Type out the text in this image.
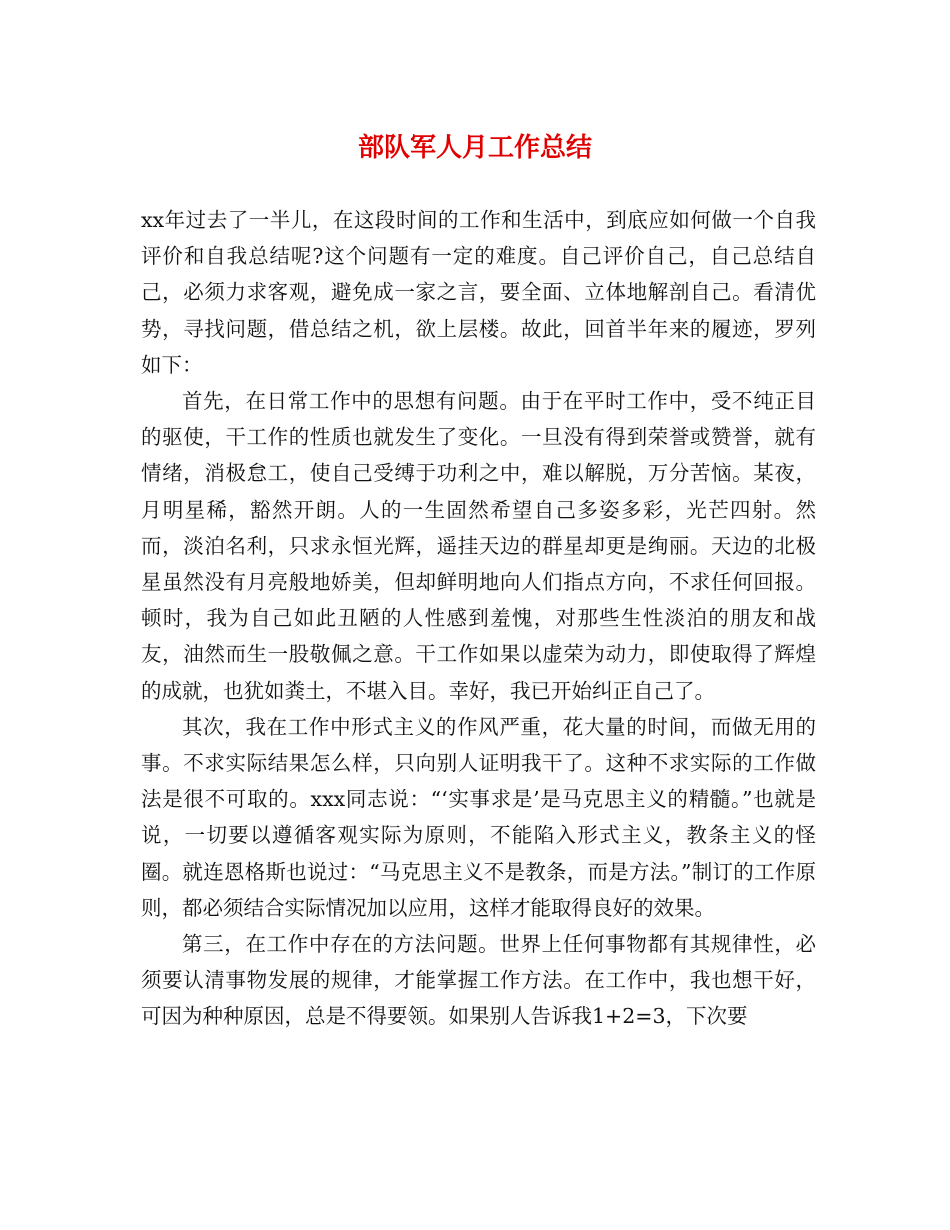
部队军人月工作总结

xx年过去了一半儿，在这段时间的工作和生活中，到底应如何做一个自我评价和自我总结呢?这个问题有一定的难度。自己评价自己，自己总结自己，必须力求客观，避免成一家之言，要全面、立体地解剖自己。看清优势，寻找问题，借总结之机，欲上层楼。故此，回首半年来的履迹，罗列如下：

首先，在日常工作中的思想有问题。由于在平时工作中，受不纯正目的驱使，干工作的性质也就发生了变化。一旦没有得到荣誉或赞誉，就有情绪，消极怠工，使自己受缚于功利之中，难以解脱，万分苦恼。某夜，月明星稀，豁然开朗。人的一生固然希望自己多姿多彩，光芒四射。然而，淡泊名利，只求永恒光辉，遥挂天边的群星却更是绚丽。天边的北极星虽然没有月亮般地娇美，但却鲜明地向人们指点方向，不求任何回报。顿时，我为自己如此丑陋的人性感到羞愧，对那些生性淡泊的朋友和战友，油然而生一股敬佩之意。干工作如果以虚荣为动力，即使取得了辉煌的成就，也犹如粪土，不堪入目。幸好，我已开始纠正自己了。

其次，我在工作中形式主义的作风严重，花大量的时间，而做无用的事。不求实际结果怎么样，只向别人证明我干了。这种不求实际的工作做法是很不可取的。xxx同志说：“‘实事求是’是马克思主义的精髓。”也就是说，一切要以遵循客观实际为原则，不能陷入形式主义，教条主义的怪圈。就连恩格斯也说过：“马克思主义不是教条，而是方法。”制订的工作原则，都必须结合实际情况加以应用，这样才能取得良好的效果。

第三，在工作中存在的方法问题。世界上任何事物都有其规律性，必须要认清事物发展的规律，才能掌握工作方法。在工作中，我也想干好，可因为种种原因，总是不得要领。如果别人告诉我1+2=3，下次要
